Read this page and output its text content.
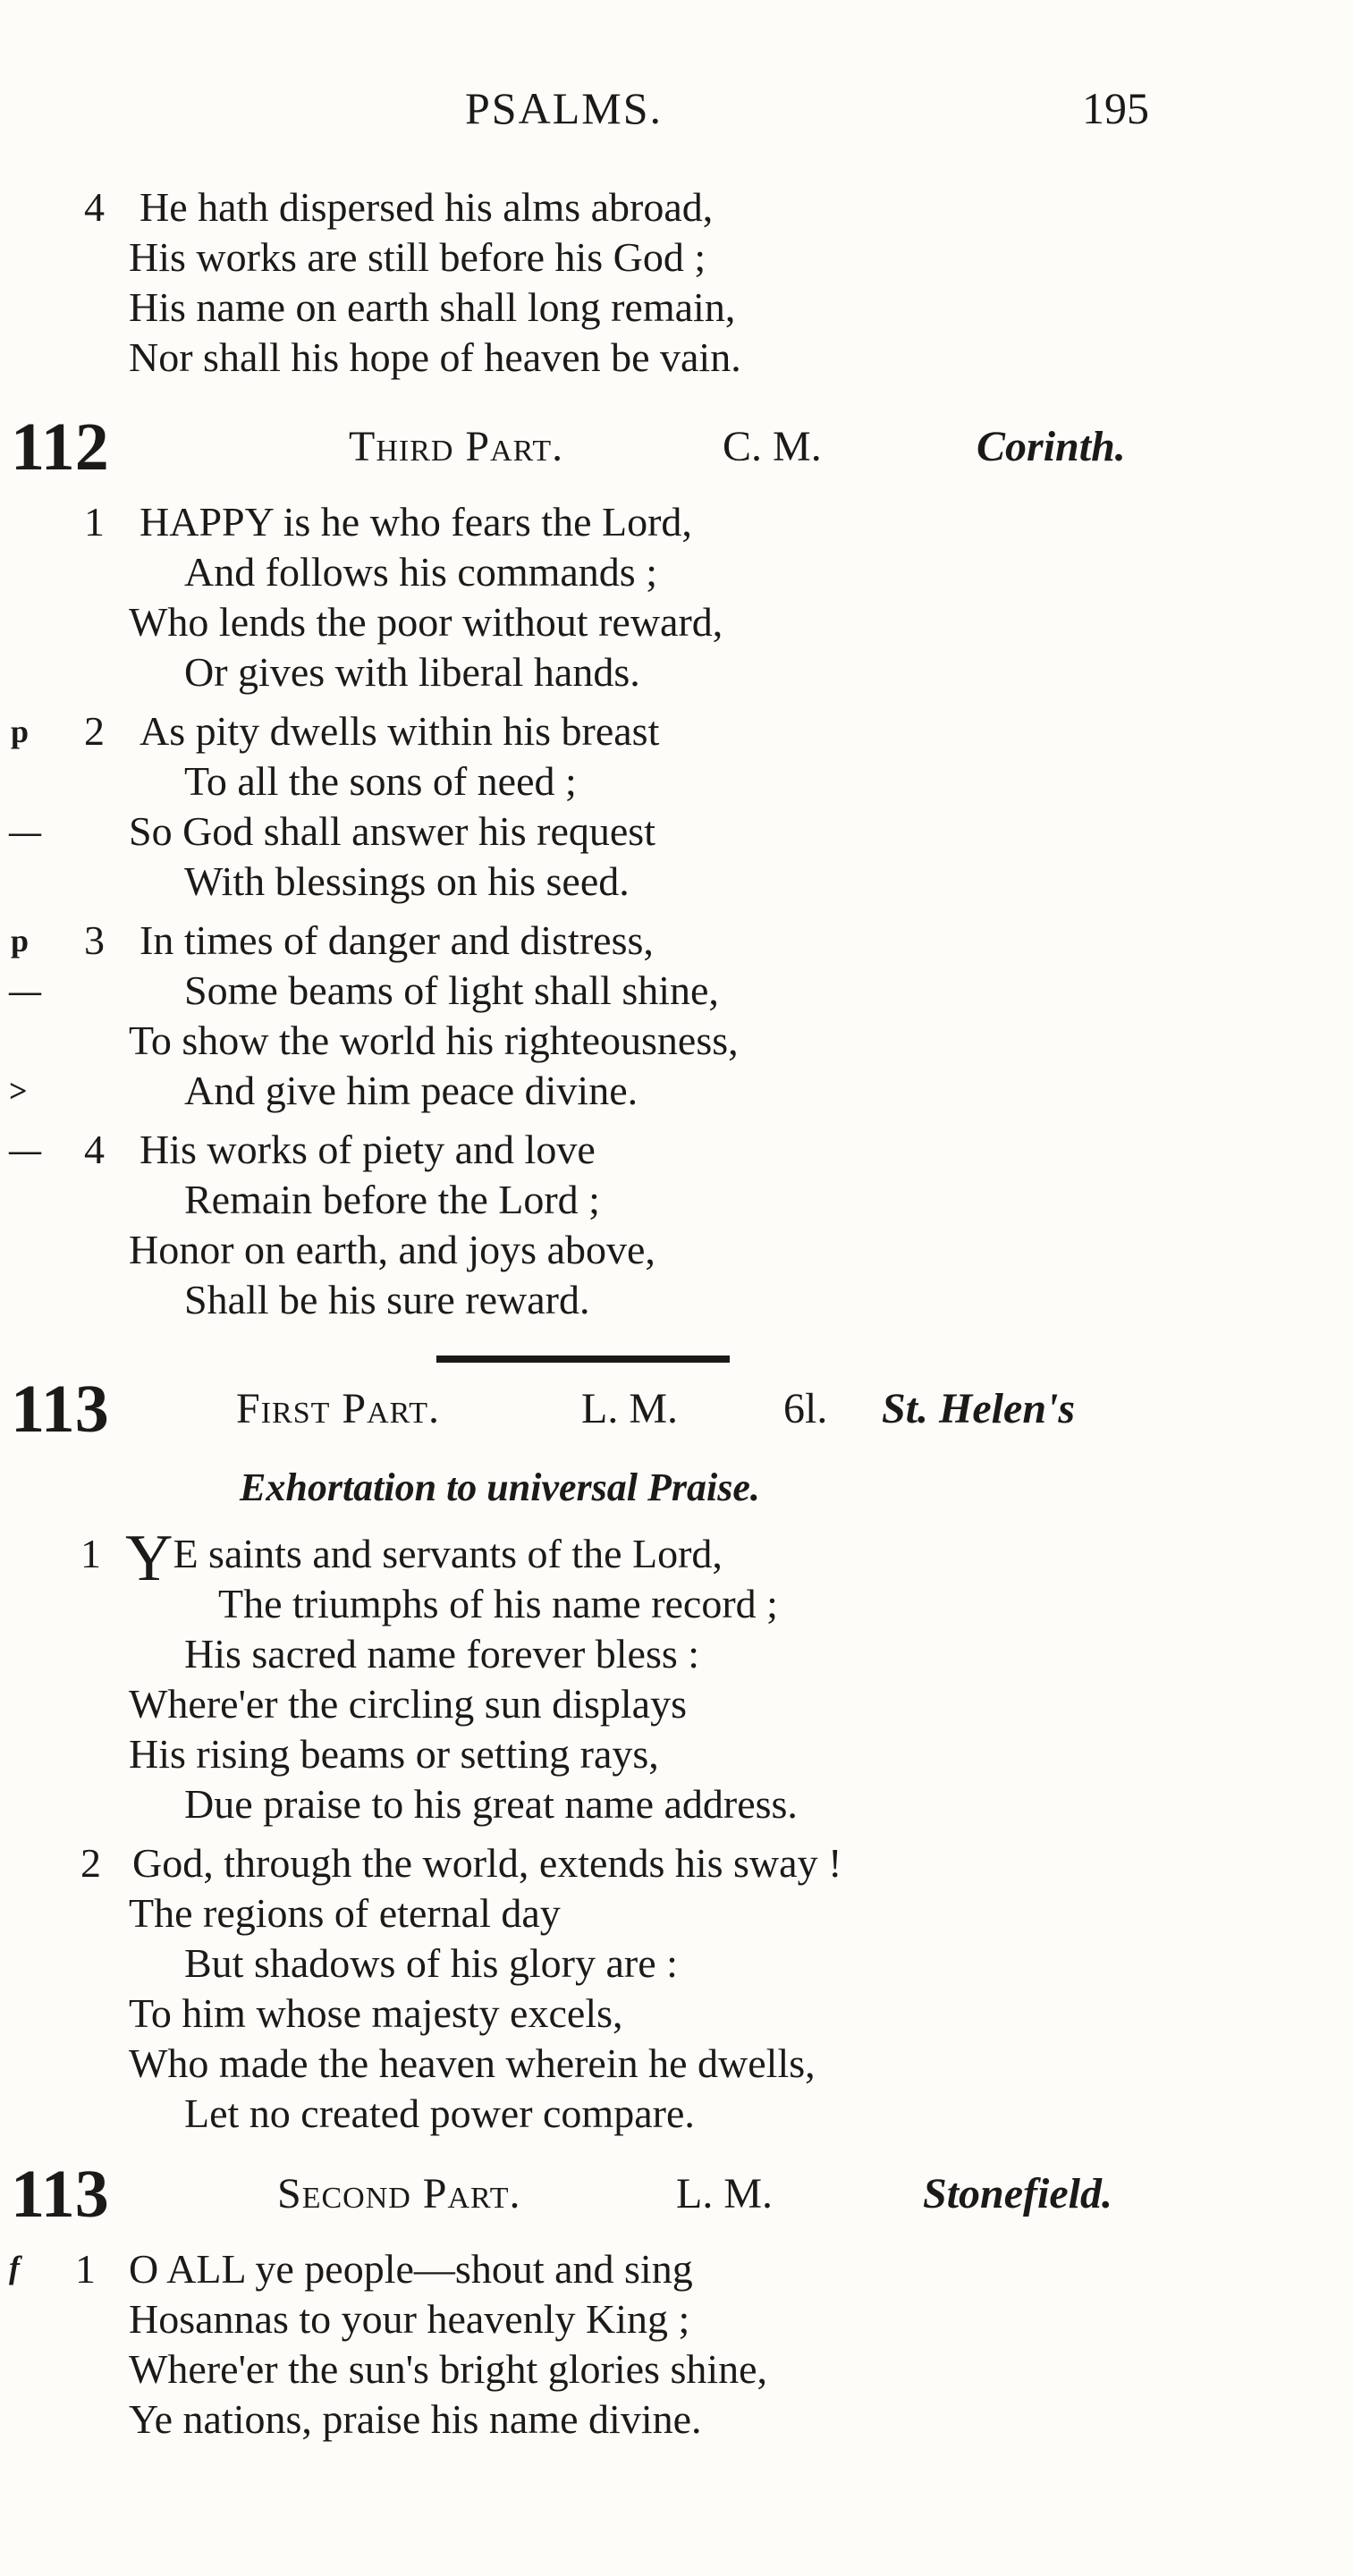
PSALMS.	195
4 He hath dispersed his alms abroad,
His works are still before his God ;
His name on earth shall long remain,
Nor shall his hope of heaven be vain.
112	Third Part.	C. M.	Corinth.
1 HAPPY is he who fears the Lord,
And follows his commands ;
Who lends the poor without reward,
Or gives with liberal hands.
p 2 As pity dwells within his breast
To all the sons of need ;
— So God shall answer his request
With blessings on his seed.
p 3 In times of danger and distress,
—	Some beams of light shall shine,
To show the world his righteousness,
>	And give him peace divine.
— 4 His works of piety and love
Remain before the Lord ;
Honor on earth, and joys above,
Shall be his sure reward.
113	First Part.	L. M. 6l. St. Helen's
Exhortation to universal Praise.
1 YE saints and servants of the Lord,
The triumphs of his name record ;
His sacred name forever bless :
Where'er the circling sun displays
His rising beams or setting rays,
Due praise to his great name address.
2 God, through the world, extends his sway !
The regions of eternal day
But shadows of his glory are :
To him whose majesty excels,
Who made the heaven wherein he dwells,
Let no created power compare.
113	Second Part.	L. M.	Stonefield.
f 1 O ALL ye people—shout and sing
Hosannas to your heavenly King ;
Where'er the sun's bright glories shine,
Ye nations, praise his name divine.
